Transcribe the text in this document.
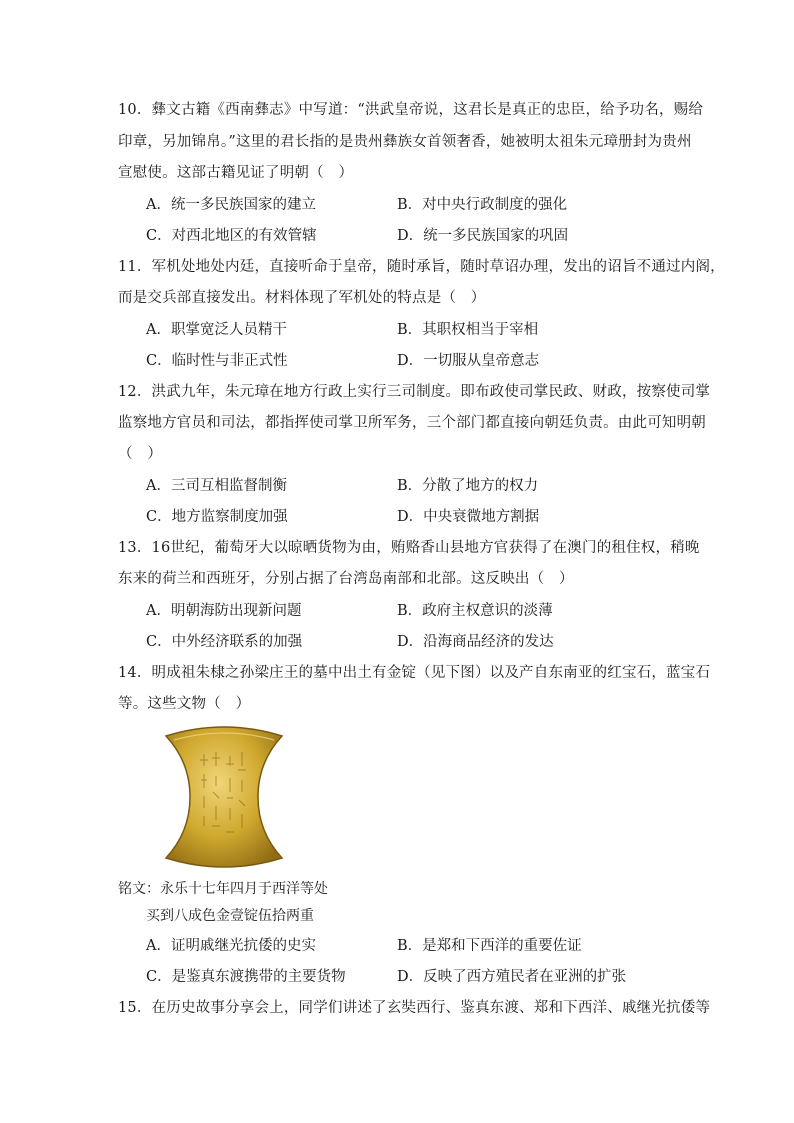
10．彝文古籍《西南彝志》中写道：“洪武皇帝说，这君长是真正的忠臣，给予功名，赐给
印章，另加锦帛。”这里的君长指的是贵州彝族女首领奢香，她被明太祖朱元璋册封为贵州
宣慰使。这部古籍见证了明朝（　）
A．统一多民族国家的建立	B．对中央行政制度的强化
C．对西北地区的有效管辖	D．统一多民族国家的巩固
11．军机处地处内廷，直接听命于皇帝，随时承旨，随时草诏办理，发出的诏旨不通过内阁，
而是交兵部直接发出。材料体现了军机处的特点是（　）
A．职掌宽泛人员精干	B．其职权相当于宰相
C．临时性与非正式性	D．一切服从皇帝意志
12．洪武九年，朱元璋在地方行政上实行三司制度。即布政使司掌民政、财政，按察使司掌
监察地方官员和司法，都指挥使司掌卫所军务，三个部门都直接向朝廷负责。由此可知明朝
（　）
A．三司互相监督制衡	B．分散了地方的权力
C．地方监察制度加强	D．中央衰微地方割据
13．16世纪，葡萄牙大以晾晒货物为由，贿赂香山县地方官获得了在澳门的租住权，稍晚
东来的荷兰和西班牙，分别占据了台湾岛南部和北部。这反映出（　）
A．明朝海防出现新问题	B．政府主权意识的淡薄
C．中外经济联系的加强	D．沿海商品经济的发达
14．明成祖朱棣之孙梁庄王的墓中出土有金锭（见下图）以及产自东南亚的红宝石，蓝宝石
等。这些文物（　）
铭文：永乐十七年四月于西洋等处
买到八成色金壹锭伍拾两重
A．证明戚继光抗倭的史实	B．是郑和下西洋的重要佐证
C．是鉴真东渡携带的主要货物	D．反映了西方殖民者在亚洲的扩张
15．在历史故事分享会上，同学们讲述了玄奘西行、鉴真东渡、郑和下西洋、戚继光抗倭等
